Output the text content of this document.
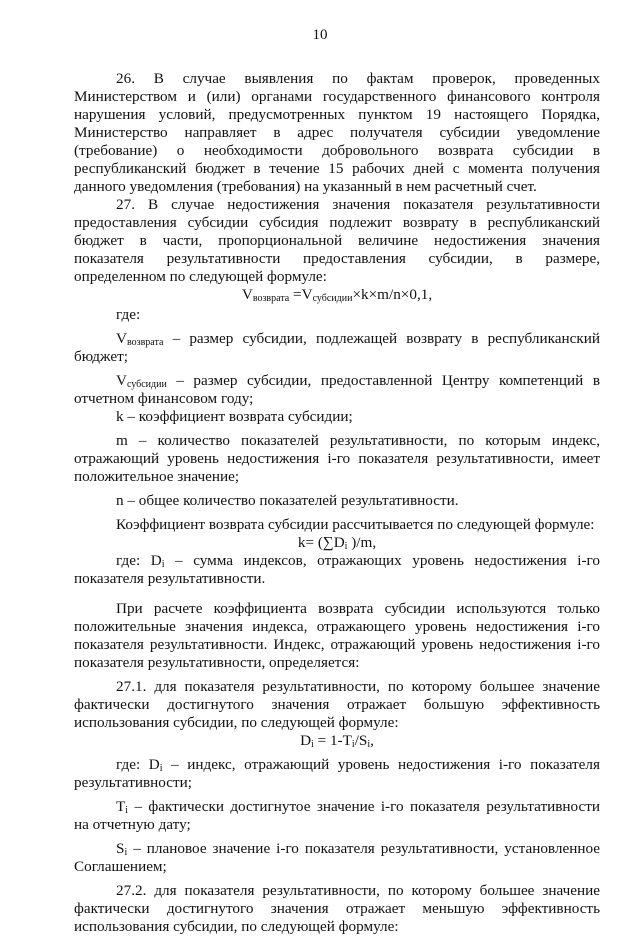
10

26. В случае выявления по фактам проверок, проведенных Министерством и (или) органами государственного финансового контроля нарушения условий, предусмотренных пунктом 19 настоящего Порядка, Министерство направляет в адрес получателя субсидии уведомление (требование) о необходимости добровольного возврата субсидии в республиканский бюджет в течение 15 рабочих дней с момента получения данного уведомления (требования) на указанный в нем расчетный счет.

27. В случае недостижения значения показателя результативности предоставления субсидии субсидия подлежит возврату в республиканский бюджет в части, пропорциональной величине недостижения значения показателя результативности предоставления субсидии, в размере, определенном по следующей формуле:

$V_{возврата} =V_{субсидии}\times k\times m/n\times 0,1$,

где:

$V_{возврата}$ – размер субсидии, подлежащей возврату в республиканский бюджет;

$V_{субсидии}$ – размер субсидии, предоставленной Центру компетенций в отчетном финансовом году;

k – коэффициент возврата субсидии;

m – количество показателей результативности, по которым индекс, отражающий уровень недостижения i-го показателя результативности, имеет положительное значение;

n – общее количество показателей результативности.

Коэффициент возврата субсидии рассчитывается по следующей формуле:

$k= (\sum D_i$ )/m,

где: $D_i$ – сумма индексов, отражающих уровень недостижения i-го показателя результативности.

При расчете коэффициента возврата субсидии используются только положительные значения индекса, отражающего уровень недостижения i-го показателя результативности. Индекс, отражающий уровень недостижения i-го показателя результативности, определяется:

27.1. для показателя результативности, по которому большее значение фактически достигнутого значения отражает большую эффективность использования субсидии, по следующей формуле:

$D_i = 1-T_i/S_i$,

где: $D_i$ – индекс, отражающий уровень недостижения i-го показателя результативности;

$T_i$ – фактически достигнутое значение i-го показателя результативности на отчетную дату;

$S_i$ – плановое значение i-го показателя результативности, установленное Соглашением;

27.2. для показателя результативности, по которому большее значение фактически достигнутого значения отражает меньшую эффективность использования субсидии, по следующей формуле:
